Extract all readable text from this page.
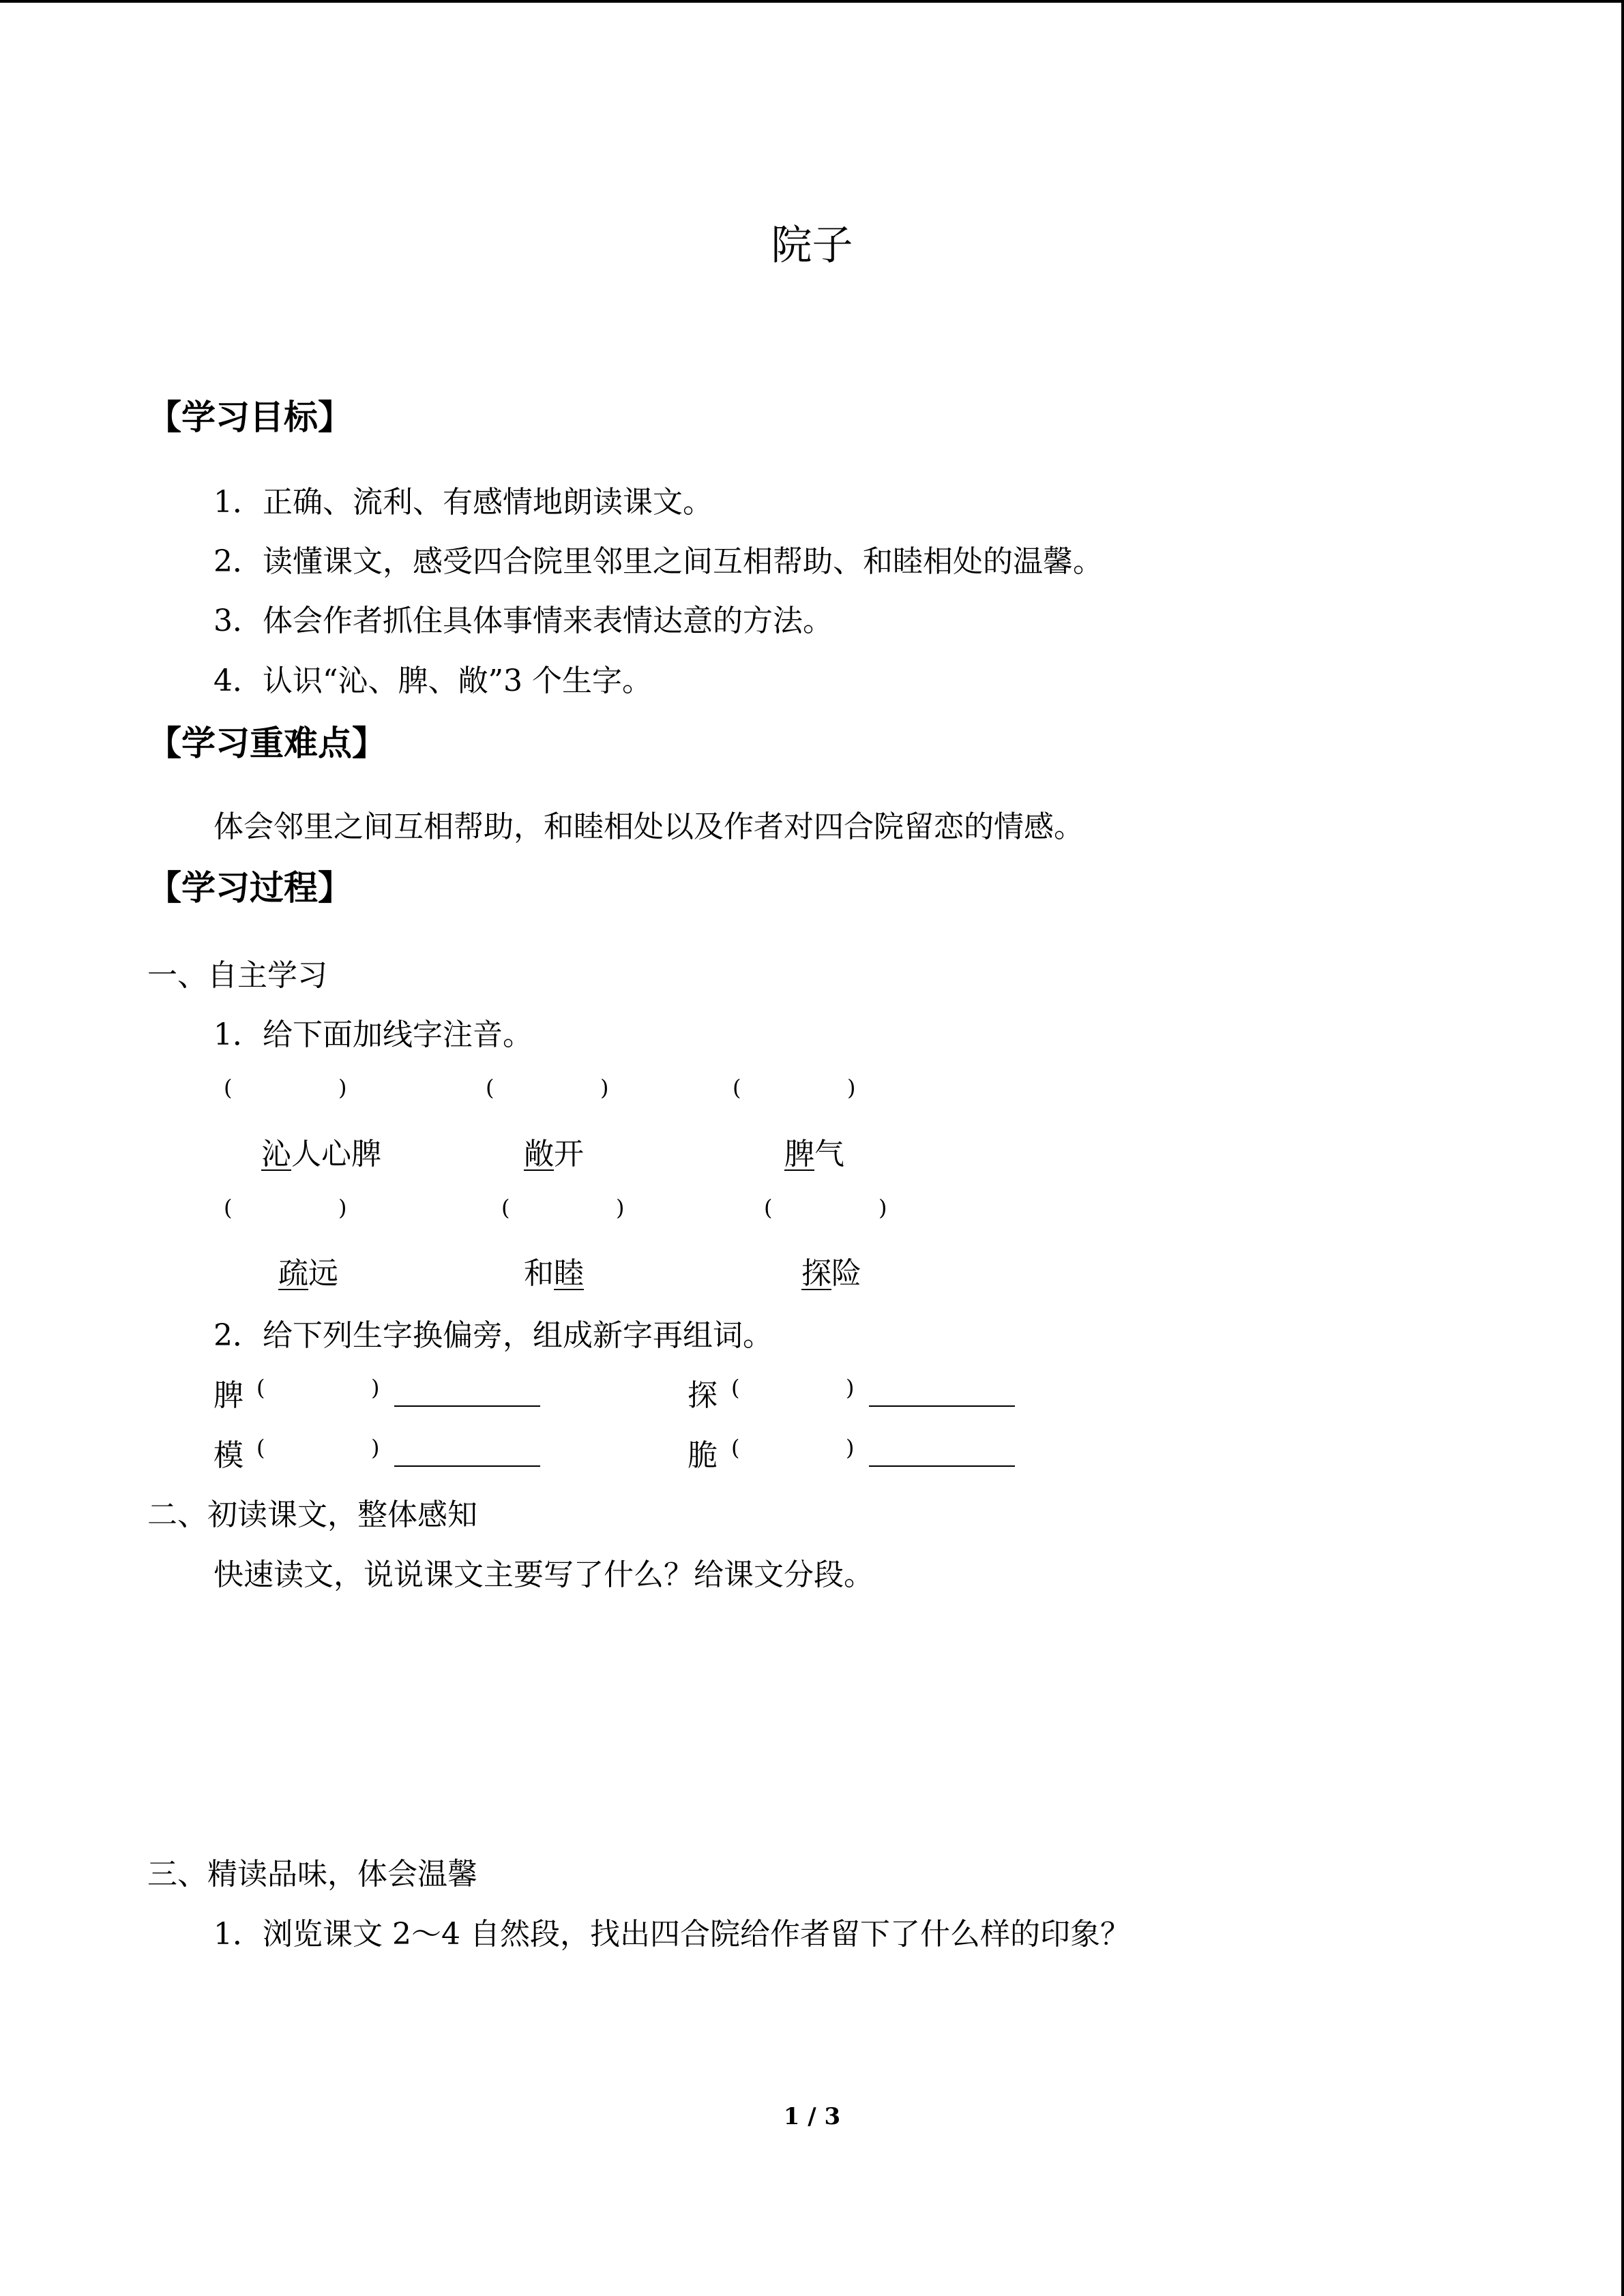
院子
【学习目标】
1．正确、流利、有感情地朗读课文。
2．读懂课文，感受四合院里邻里之间互相帮助、和睦相处的温馨。
3．体会作者抓住具体事情来表情达意的方法。
4．认识“沁、脾、敞”3 个生字。
【学习重难点】
体会邻里之间互相帮助，和睦相处以及作者对四合院留恋的情感。
【学习过程】
一、自主学习
1．给下面加线字注音。
(	)	(	)	(	)
沁人心脾	敞开	脾气
(	)	(	)	(	)
疏远	和睦	探险
2．给下列生字换偏旁，组成新字再组词。
脾 (	)	探 (	)
模 (	)	脆 (	)
二、初读课文，整体感知
快速读文，说说课文主要写了什么？给课文分段。
三、精读品味，体会温馨
1．浏览课文 2～4 自然段，找出四合院给作者留下了什么样的印象？
1 / 3
